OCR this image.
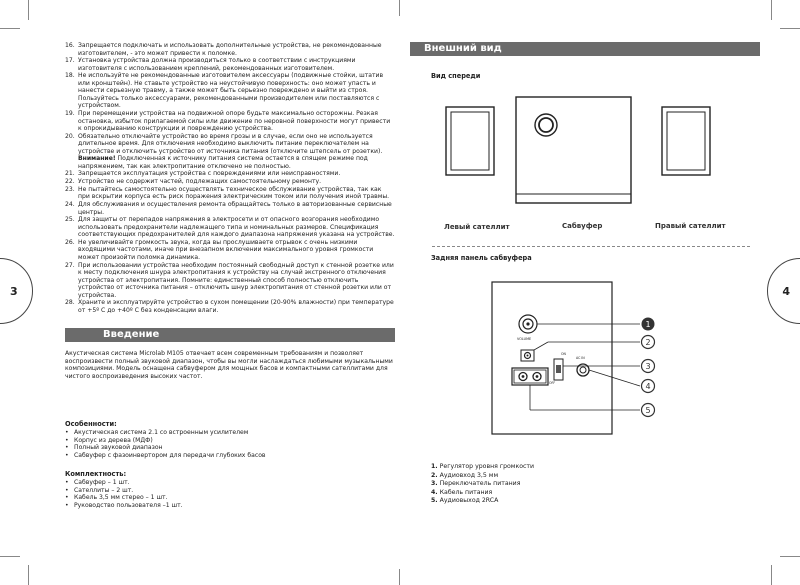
3	4
16. Запрещается подключать и использовать дополнительные устройства, не рекомендованные изготовителем, - это может привести к поломке.
17. Установка устройства должна производиться только в соответствии с инструкциями изготовителя с использованием креплений, рекомендованных изготовителем.
18. Не используйте не рекомендованные изготовителем аксессуары (подвижные стойки, штатив или кронштейн). Не ставьте устройство на неустойчивую поверхность: оно может упасть и нанести серьезную травму, а также может быть серьезно повреждено и выйти из строя. Пользуйтесь только аксессуарами, рекомендованными производителем или поставляются с устройством.
19. При перемещении устройства на подвижной опоре будьте максимально осторожны. Резкая остановка, избыток прилагаемой силы или движение по неровной поверхности могут привести к опрокидыванию конструкции и повреждению устройства.
20. Обязательно отключайте устройство во время грозы и в случае, если оно не используется длительное время. Для отключения необходимо выключить питание переключателем на устройстве и отключить устройство от источника питания (отключите штепсель от розетки).
Внимание! Подключенная к источнику питания система остается в спящем режиме под напряжением, так как электропитание отключено не полностью.
21. Запрещается эксплуатация устройства с повреждениями или неисправностями.
22. Устройство не содержит частей, подлежащих самостоятельному ремонту.
23. Не пытайтесь самостоятельно осуществлять техническое обслуживание устройства, так как при вскрытии корпуса есть риск поражения электрическим током или получения иной травмы.
24. Для обслуживания и осуществления ремонта обращайтесь только в авторизованные сервисные центры.
25. Для защиты от перепадов напряжения в электросети и от опасного возгорания необходимо использовать предохранители надлежащего типа и номинальных размеров. Спецификация соответствующих предохранителей для каждого диапазона напряжения указана на устройстве.
26. Не увеличивайте громкость звука, когда вы прослушиваете отрывок с очень низкими входящими частотами, иначе при внезапном включении максимального уровня громкости может произойти поломка динамика.
27. При использовании устройства необходим постоянный свободный доступ к стенной розетке или к месту подключения шнура электропитания к устройству на случай экстренного отключения устройства от электропитания. Помните: единственный способ полностью отключить устройство от источника питания – отключить шнур электропитания от стенной розетки или от устройства.
28. Храните и эксплуатируйте устройство в сухом помещении (20-90% влажности) при температуре от +5º С до +40º С без конденсации влаги.
Введение
Акустическая система Microlab M105 отвечает всем современным требованиям и позволяет воспроизвести полный звуковой диапазон, чтобы вы могли наслаждаться любимыми музыкальными композициями. Модель оснащена сабвуфером для мощных басов и компактными сателлитами для чистого воспроизведения высоких частот.
Особенности:
• Акустическая система 2.1 со встроенным усилителем
• Корпус из дерева (МДФ)
• Полный звуковой диапазон
• Сабвуфер с фазоинвертором для передачи глубоких басов
Комплектность:
• Сабвуфер – 1 шт.
• Сателлиты – 2 шт.
• Кабель 3,5 мм стерео – 1 шт.
• Руководство пользователя –1 шт.
Внешний вид
Вид спереди
Левый сателлит	Сабвуфер	Правый сателлит
Задняя панель сабвуфера
VOLUME
ON
OFF
AC IN
1
2
3
4
5
1. Регулятор уровня громкости
2. Аудиовход 3,5 мм
3. Переключатель питания
4. Кабель питания
5. Аудиовыход 2RCA
